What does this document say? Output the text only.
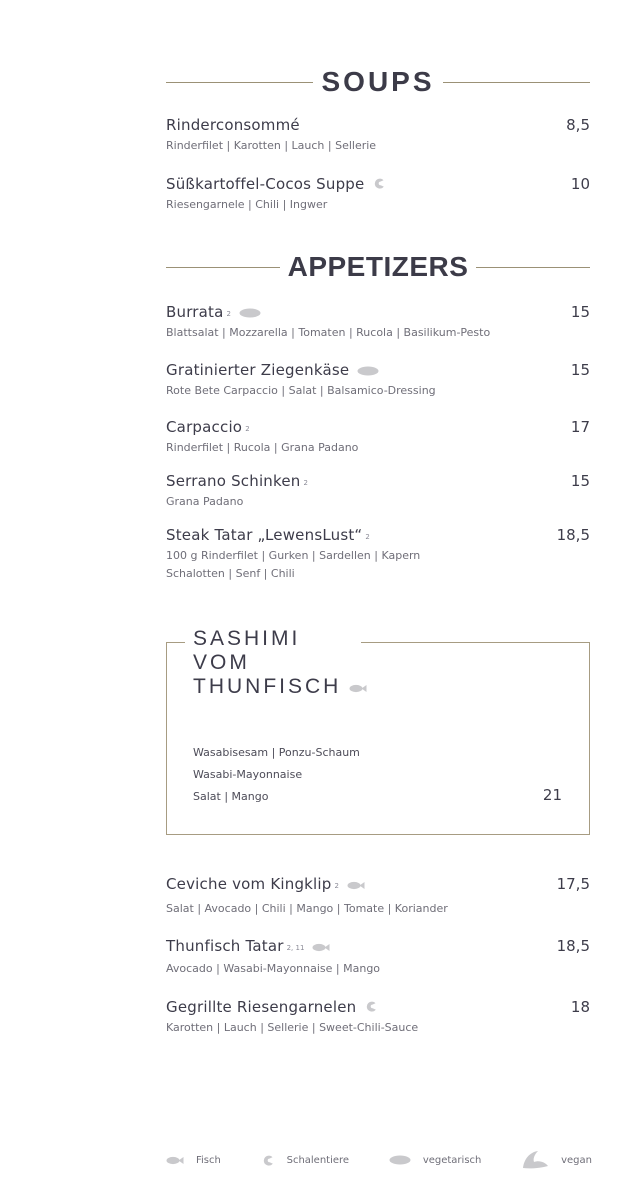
SOUPS
Rinderconsommé	8,5
Rinderfilet | Karotten | Lauch | Sellerie
Süßkartoffel-Cocos Suppe	10
Riesengarnele | Chili | Ingwer
APPETIZERS
Burrata 2	15
Blattsalat | Mozzarella | Tomaten | Rucola | Basilikum-Pesto
Gratinierter Ziegenkäse	15
Rote Bete Carpaccio | Salat | Balsamico-Dressing
Carpaccio 2	17
Rinderfilet | Rucola | Grana Padano
Serrano Schinken 2	15
Grana Padano
Steak Tatar „LewensLust“ 2	18,5
100 g Rinderfilet | Gurken | Sardellen | Kapern
Schalotten | Senf | Chili
SASHIMI
VOM
THUNFISCH
Wasabisesam | Ponzu-Schaum
Wasabi-Mayonnaise
Salat | Mango	21
Ceviche vom Kingklip 2	17,5
Salat | Avocado | Chili | Mango | Tomate | Koriander
Thunfisch Tatar 2, 11	18,5
Avocado | Wasabi-Mayonnaise | Mango
Gegrillte Riesengarnelen	18
Karotten | Lauch | Sellerie | Sweet-Chili-Sauce
Fisch	Schalentiere	vegetarisch	vegan
